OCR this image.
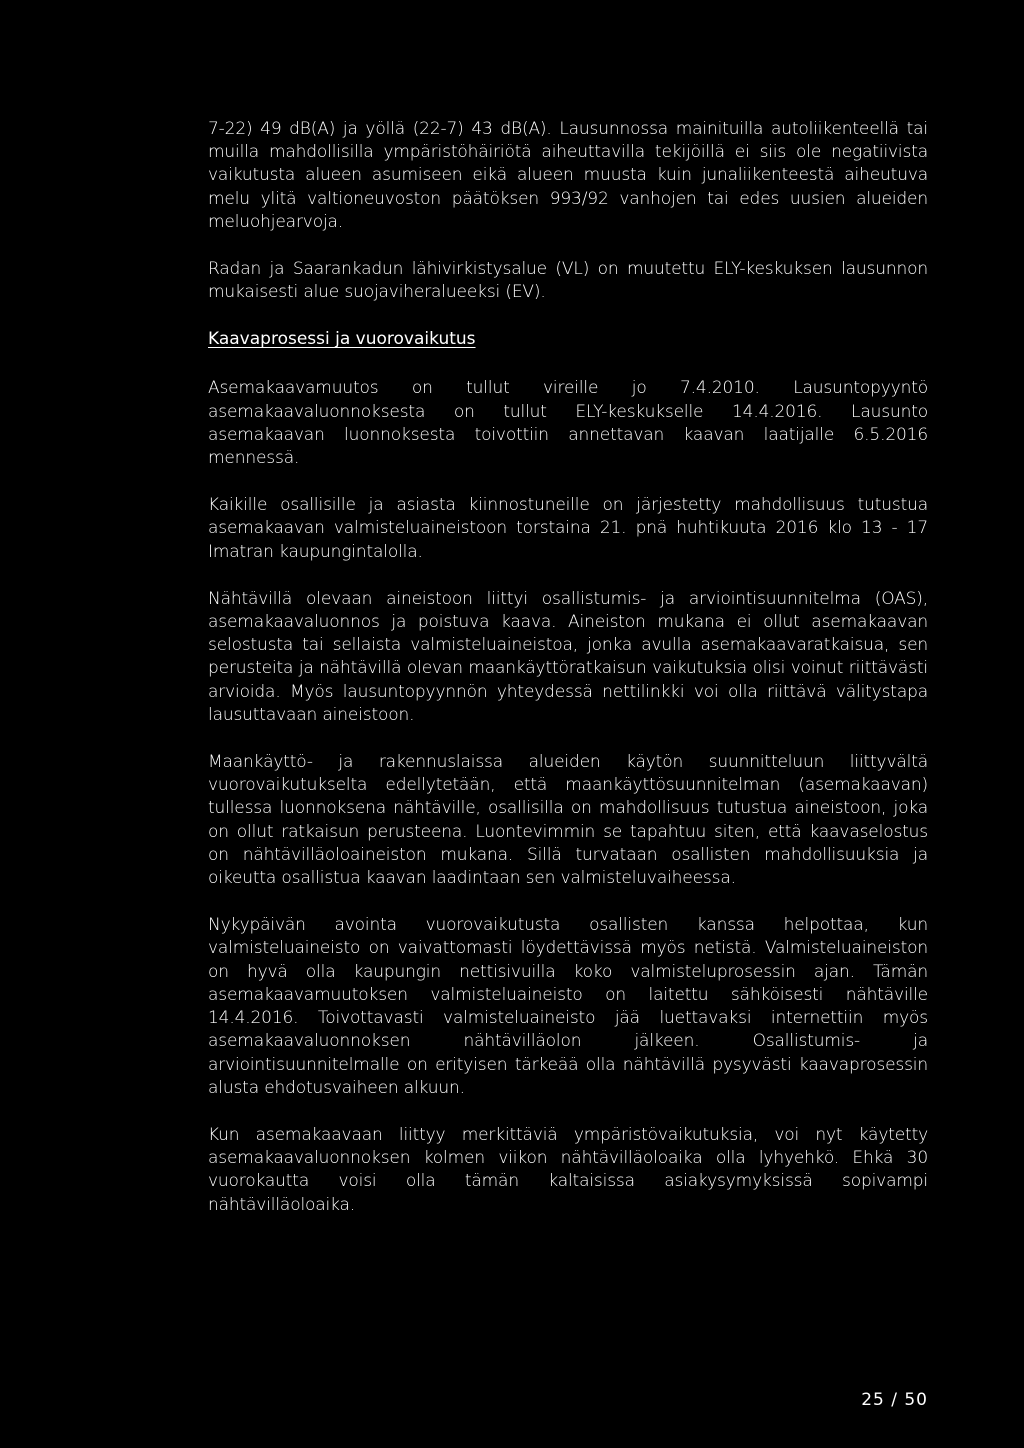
7-22) 49 dB(A) ja yöllä (22-7) 43 dB(A). Lausunnossa mainituilla autoliikenteellä tai muilla mahdollisilla ympäristöhäiriötä aiheuttavilla tekijöillä ei siis ole negatiivista vaikutusta alueen asumiseen eikä alueen muusta kuin junaliikenteestä aiheutuva melu ylitä valtioneuvoston päätöksen 993/92 vanhojen tai edes uusien alueiden meluohjearvoja.

Radan ja Saarankadun lähivirkistysalue (VL) on muutettu ELY-keskuksen lausunnon mukaisesti alue suojaviheralueeksi (EV).

Kaavaprosessi ja vuorovaikutus

Asemakaavamuutos on tullut vireille jo 7.4.2010. Lausuntopyyntö asemakaavaluonnoksesta on tullut ELY-keskukselle 14.4.2016. Lausunto asemakaavan luonnoksesta toivottiin annettavan kaavan laatijalle 6.5.2016 mennessä.

Kaikille osallisille ja asiasta kiinnostuneille on järjestetty mahdollisuus tutustua asemakaavan valmisteluaineistoon torstaina 21. pnä huhtikuuta 2016 klo 13 - 17 Imatran kaupungintalolla.

Nähtävillä olevaan aineistoon liittyi osallistumis- ja arviointisuunnitelma (OAS), asemakaavaluonnos ja poistuva kaava. Aineiston mukana ei ollut asemakaavan selostusta tai sellaista valmisteluaineistoa, jonka avulla asemakaavaratkaisua, sen perusteita ja nähtävillä olevan maankäyttöratkaisun vaikutuksia olisi voinut riittävästi arvioida. Myös lausuntopyynnön yhteydessä nettilinkki voi olla riittävä välitystapa lausuttavaan aineistoon.

Maankäyttö- ja rakennuslaissa alueiden käytön suunnitteluun liittyvältä vuorovaikutukselta edellytetään, että maankäyttösuunnitelman (asemakaavan) tullessa luonnoksena nähtäville, osallisilla on mahdollisuus tutustua aineistoon, joka on ollut ratkaisun perusteena. Luontevimmin se tapahtuu siten, että kaavaselostus on nähtävilläoloaineiston mukana. Sillä turvataan osallisten mahdollisuuksia ja oikeutta osallistua kaavan laadintaan sen valmisteluvaiheessa.

Nykypäivän avointa vuorovaikutusta osallisten kanssa helpottaa, kun valmisteluaineisto on vaivattomasti löydettävissä myös netistä. Valmisteluaineiston on hyvä olla kaupungin nettisivuilla koko valmisteluprosessin ajan. Tämän asemakaavamuutoksen valmisteluaineisto on laitettu sähköisesti nähtäville 14.4.2016. Toivottavasti valmisteluaineisto jää luettavaksi internettiin myös asemakaavaluonnoksen nähtävilläolon jälkeen. Osallistumis- ja arviointisuunnitelmalle on erityisen tärkeää olla nähtävillä pysyvästi kaavaprosessin alusta ehdotusvaiheen alkuun.

Kun asemakaavaan liittyy merkittäviä ympäristövaikutuksia, voi nyt käytetty asemakaavaluonnoksen kolmen viikon nähtävilläoloaika olla lyhyehkö. Ehkä 30 vuorokautta voisi olla tämän kaltaisissa asiakysymyksissä sopivampi nähtävilläoloaika.

25 / 50
